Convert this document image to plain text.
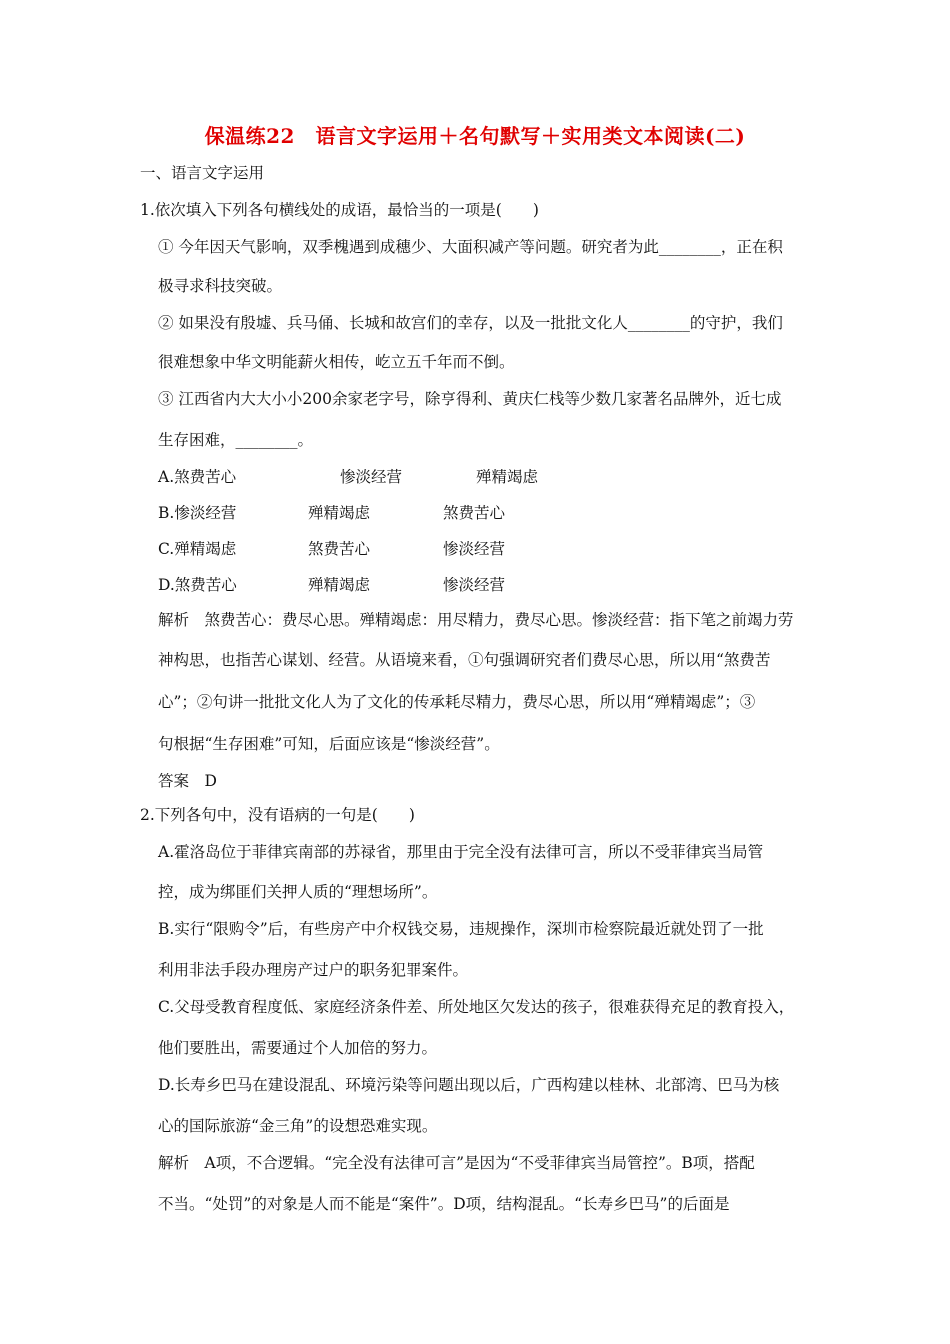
保温练22　语言文字运用＋名句默写＋实用类文本阅读(二)
一、语言文字运用
1.依次填入下列各句横线处的成语，最恰当的一项是(　　)
① 今年因天气影响，双季槐遇到成穗少、大面积减产等问题。研究者为此________，正在积
极寻求科技突破。
② 如果没有殷墟、兵马俑、长城和故宫们的幸存，以及一批批文化人________的守护，我们
很难想象中华文明能薪火相传，屹立五千年而不倒。
③ 江西省内大大小小200余家老字号，除亨得利、黄庆仁栈等少数几家著名品牌外，近七成
生存困难，________。
A.煞费苦心	惨淡经营	殚精竭虑
B.惨淡经营	殚精竭虑	煞费苦心
C.殚精竭虑	煞费苦心	惨淡经营
D.煞费苦心	殚精竭虑	惨淡经营
解析　煞费苦心：费尽心思。殚精竭虑：用尽精力，费尽心思。惨淡经营：指下笔之前竭力劳
神构思，也指苦心谋划、经营。从语境来看，①句强调研究者们费尽心思，所以用“煞费苦
心”；②句讲一批批文化人为了文化的传承耗尽精力，费尽心思，所以用“殚精竭虑”；③
句根据“生存困难”可知，后面应该是“惨淡经营”。
答案　D
2.下列各句中，没有语病的一句是(　　)
A.霍洛岛位于菲律宾南部的苏禄省，那里由于完全没有法律可言，所以不受菲律宾当局管
控，成为绑匪们关押人质的“理想场所”。
B.实行“限购令”后，有些房产中介权钱交易，违规操作，深圳市检察院最近就处罚了一批
利用非法手段办理房产过户的职务犯罪案件。
C.父母受教育程度低、家庭经济条件差、所处地区欠发达的孩子，很难获得充足的教育投入，
他们要胜出，需要通过个人加倍的努力。
D.长寿乡巴马在建设混乱、环境污染等问题出现以后，广西构建以桂林、北部湾、巴马为核
心的国际旅游“金三角”的设想恐难实现。
解析　A项，不合逻辑。“完全没有法律可言”是因为“不受菲律宾当局管控”。B项，搭配
不当。“处罚”的对象是人而不能是“案件”。D项，结构混乱。“长寿乡巴马”的后面是
